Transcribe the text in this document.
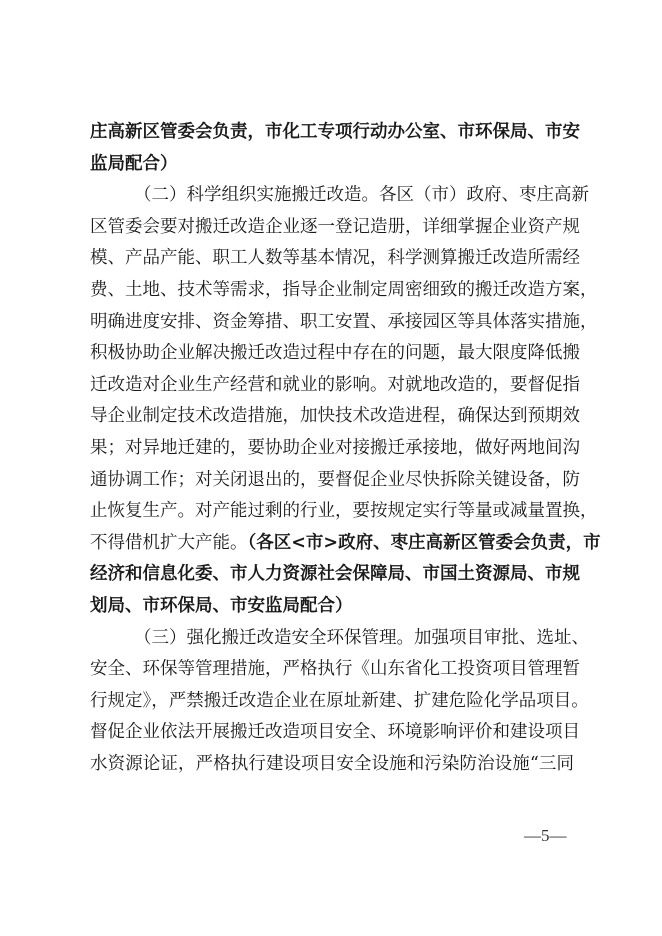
庄高新区管委会负责，市化工专项行动办公室、市环保局、市安
监局配合）
（二）科学组织实施搬迁改造。各区（市）政府、枣庄高新
区管委会要对搬迁改造企业逐一登记造册，详细掌握企业资产规
模、产品产能、职工人数等基本情况，科学测算搬迁改造所需经
费、土地、技术等需求，指导企业制定周密细致的搬迁改造方案，
明确进度安排、资金筹措、职工安置、承接园区等具体落实措施，
积极协助企业解决搬迁改造过程中存在的问题，最大限度降低搬
迁改造对企业生产经营和就业的影响。对就地改造的，要督促指
导企业制定技术改造措施，加快技术改造进程，确保达到预期效
果；对异地迁建的，要协助企业对接搬迁承接地，做好两地间沟
通协调工作；对关闭退出的，要督促企业尽快拆除关键设备，防
止恢复生产。对产能过剩的行业，要按规定实行等量或减量置换，
不得借机扩大产能。（各区<市>政府、枣庄高新区管委会负责，市
经济和信息化委、市人力资源社会保障局、市国土资源局、市规
划局、市环保局、市安监局配合）
（三）强化搬迁改造安全环保管理。加强项目审批、选址、
安全、环保等管理措施，严格执行《山东省化工投资项目管理暂
行规定》，严禁搬迁改造企业在原址新建、扩建危险化学品项目。
督促企业依法开展搬迁改造项目安全、环境影响评价和建设项目
水资源论证，严格执行建设项目安全设施和污染防治设施“三同
—5—
